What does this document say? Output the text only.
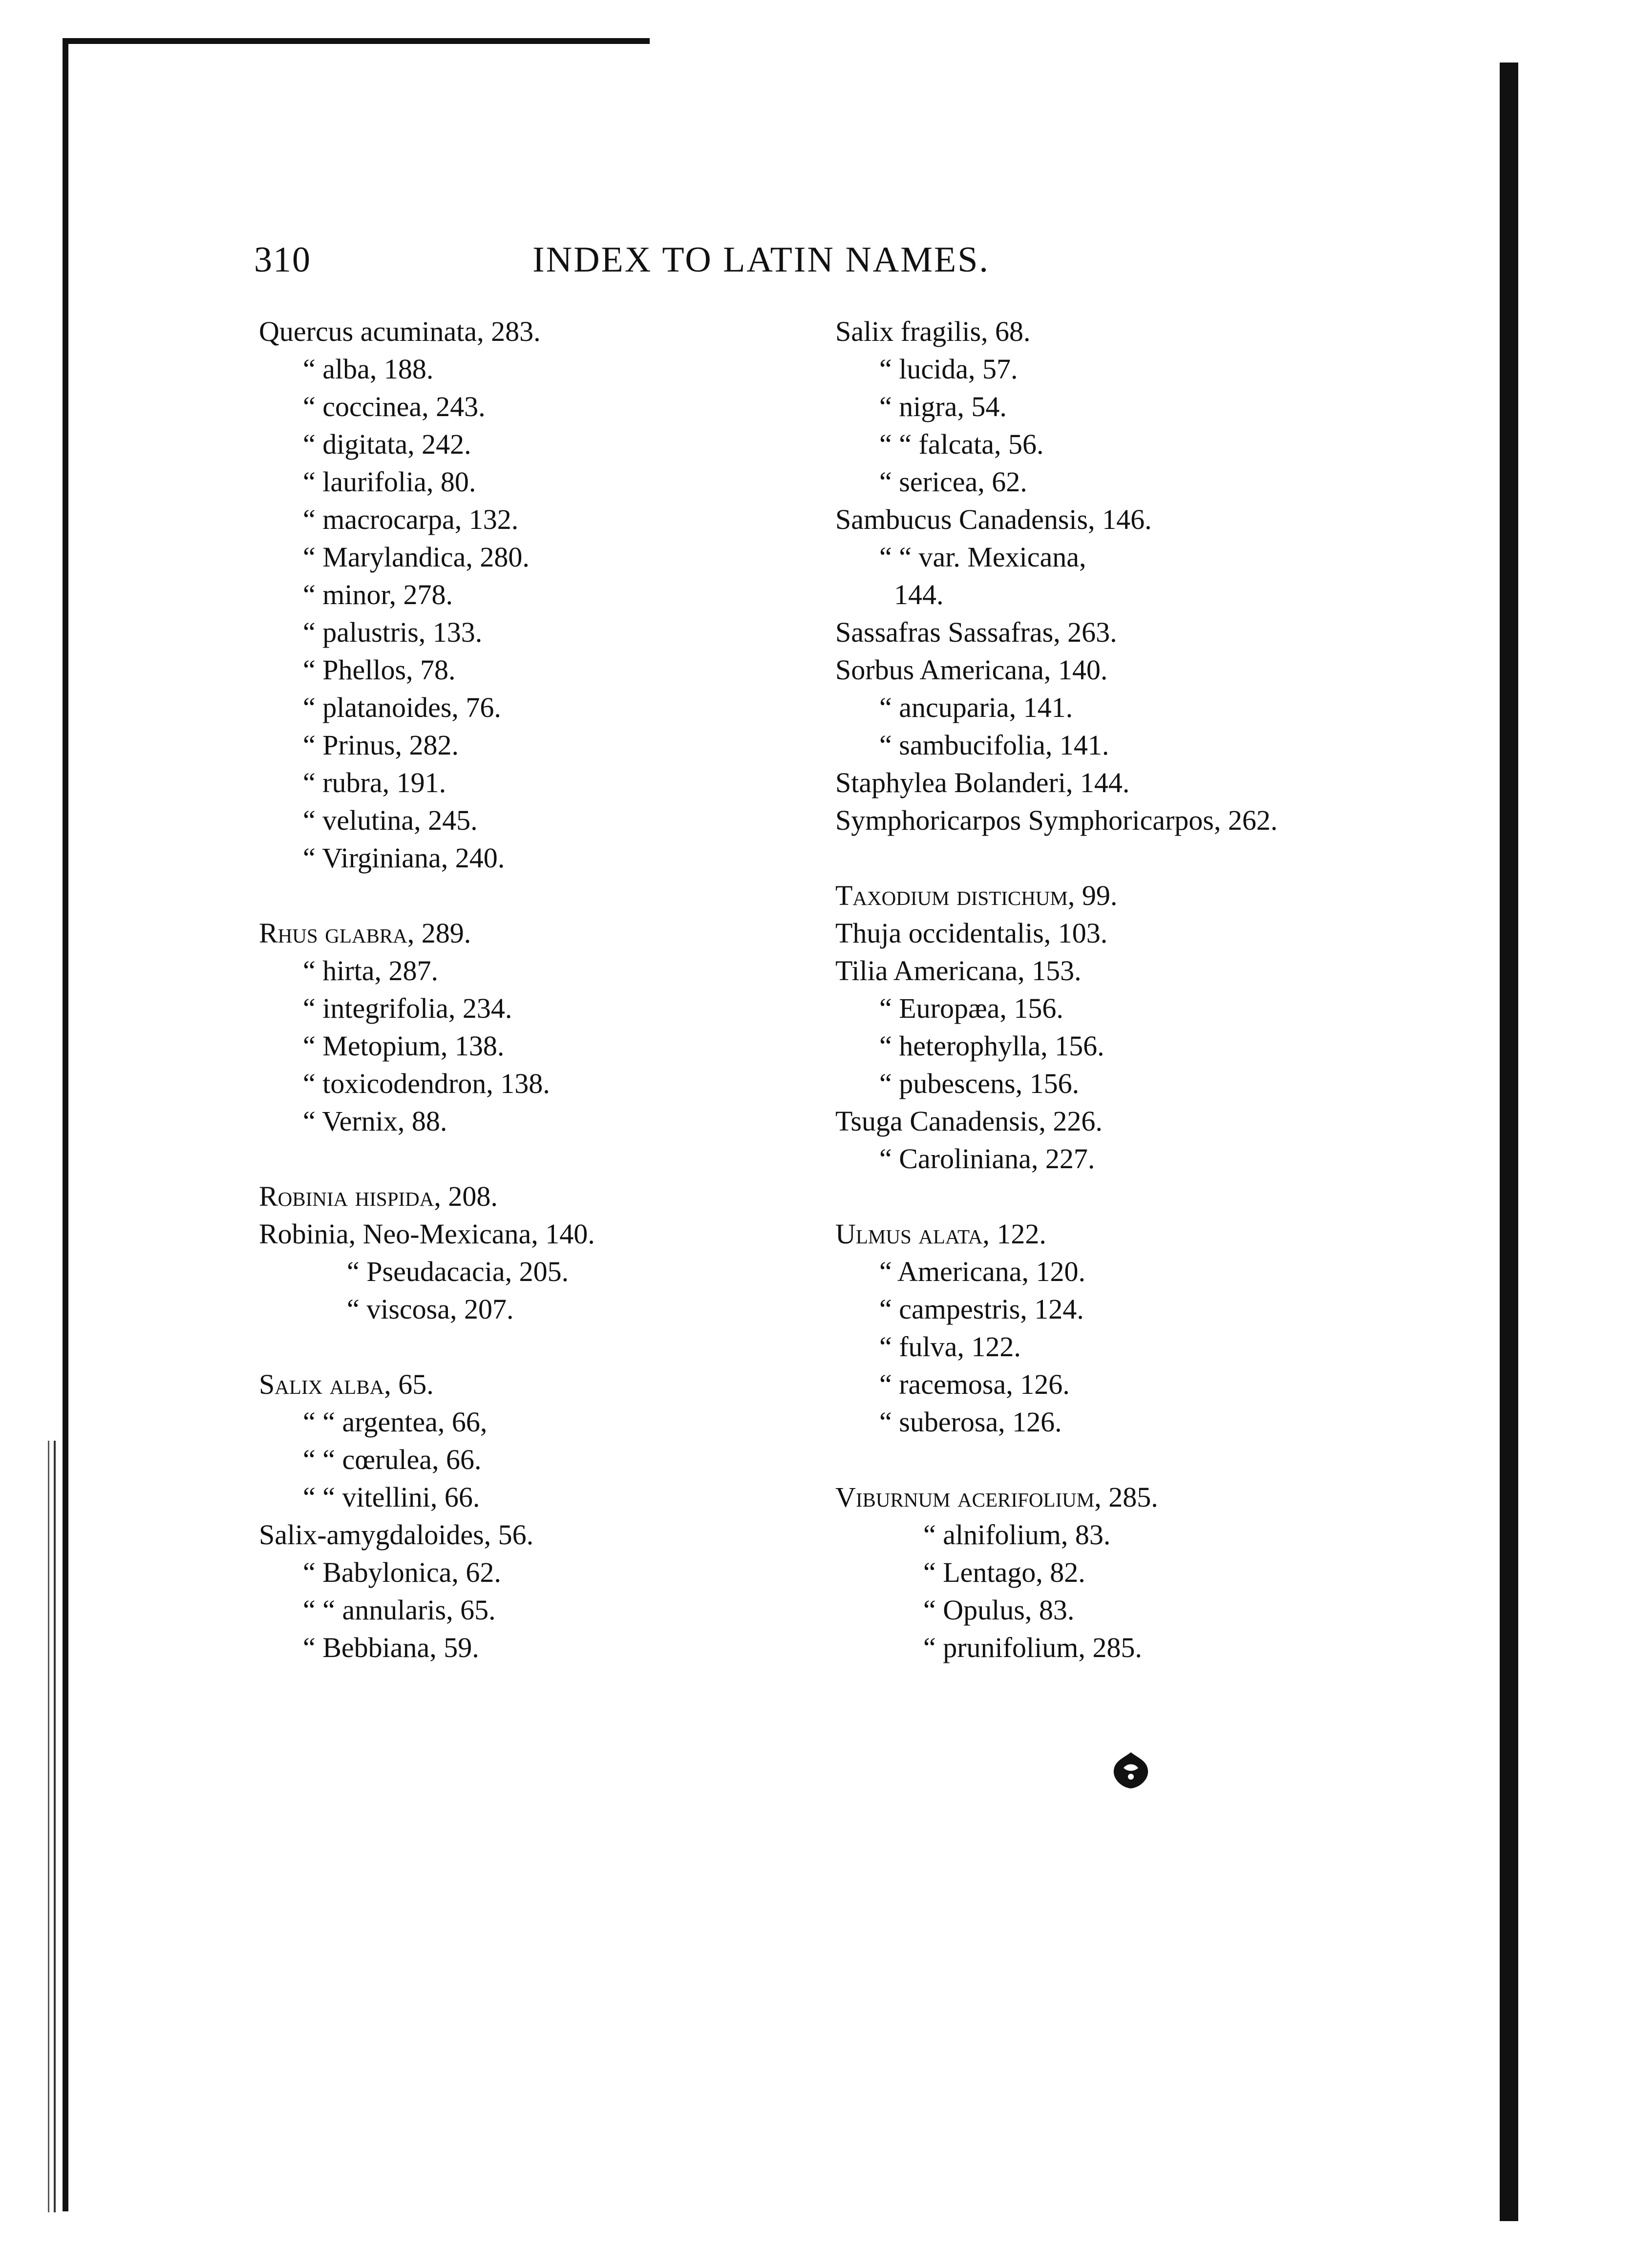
310	INDEX TO LATIN NAMES.
Quercus acuminata, 283.
“ alba, 188.
“ coccinea, 243.
“ digitata, 242.
“ laurifolia, 80.
“ macrocarpa, 132.
“ Marylandica, 280.
“ minor, 278.
“ palustris, 133.
“ Phellos, 78.
“ platanoides, 76.
“ Prinus, 282.
“ rubra, 191.
“ velutina, 245.
“ Virginiana, 240.
Rhus glabra, 289.
“ hirta, 287.
“ integrifolia, 234.
“ Metopium, 138.
“ toxicodendron, 138.
“ Vernix, 88.
Robinia hispida, 208.
Robinia, Neo-Mexicana, 140.
“ Pseudacacia, 205.
“ viscosa, 207.
Salix alba, 65.
“ “ argentea, 66,
“ “ cœrulea, 66.
“ “ vitellini, 66.
Salix-amygdaloides, 56.
“ Babylonica, 62.
“ “ annularis, 65.
“ Bebbiana, 59.
Salix fragilis, 68.
“ lucida, 57.
“ nigra, 54.
“ “ falcata, 56.
“ sericea, 62.
Sambucus Canadensis, 146.
“ “ var. Mexicana,
144.
Sassafras Sassafras, 263.
Sorbus Americana, 140.
“ ancuparia, 141.
“ sambucifolia, 141.
Staphylea Bolanderi, 144.
Symphoricarpos Symphoricarpos, 262.
Taxodium distichum, 99.
Thuja occidentalis, 103.
Tilia Americana, 153.
“ Europæa, 156.
“ heterophylla, 156.
“ pubescens, 156.
Tsuga Canadensis, 226.
“ Caroliniana, 227.
Ulmus alata, 122.
“ Americana, 120.
“ campestris, 124.
“ fulva, 122.
“ racemosa, 126.
“ suberosa, 126.
Viburnum acerifolium, 285.
“ alnifolium, 83.
“ Lentago, 82.
“ Opulus, 83.
“ prunifolium, 285.
